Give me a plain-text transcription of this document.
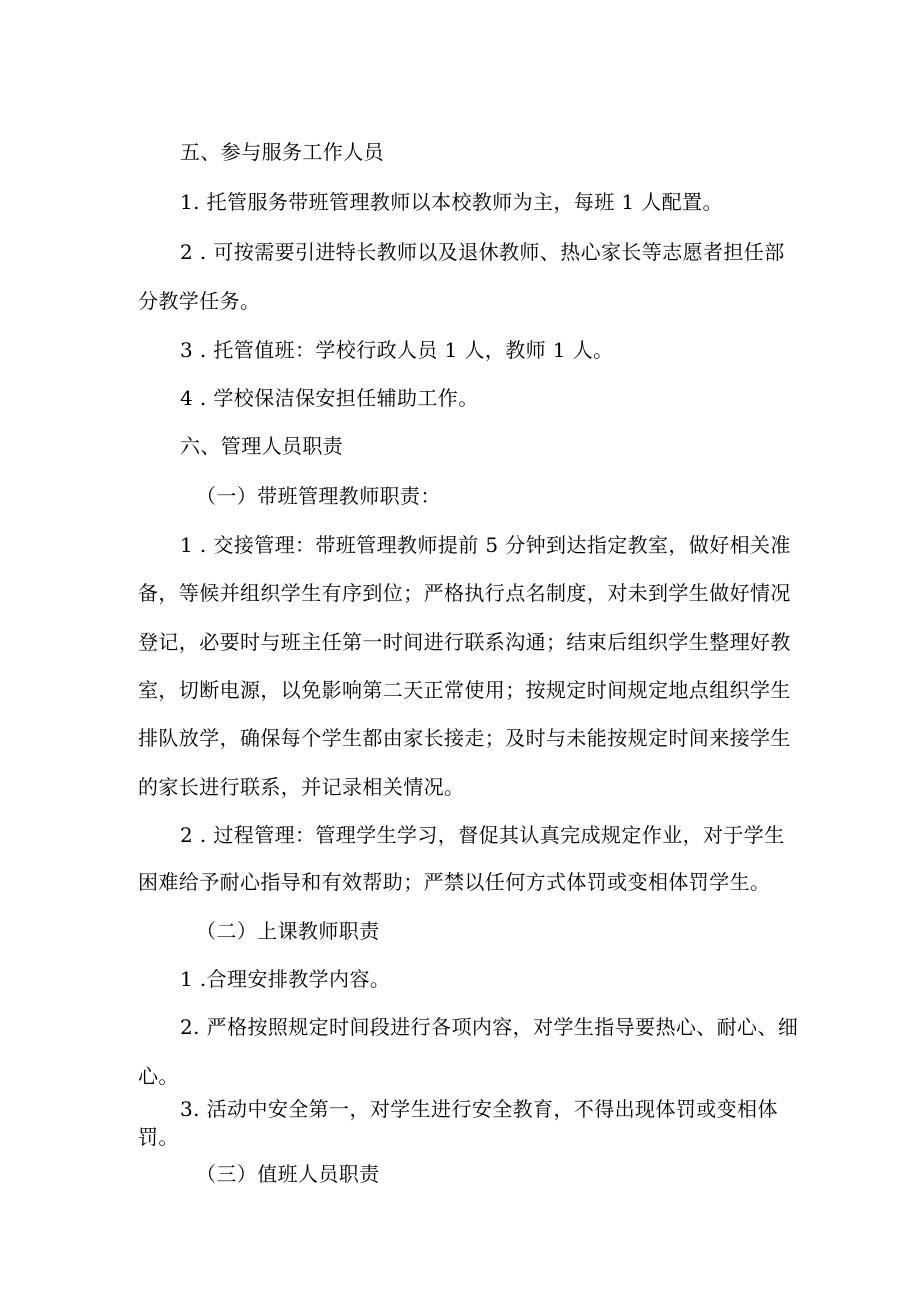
五、参与服务工作人员
1. 托管服务带班管理教师以本校教师为主，每班 1 人配置。
2 . 可按需要引进特长教师以及退休教师、热心家长等志愿者担任部
分教学任务。
3 . 托管值班：学校行政人员 1 人，教师 1 人。
4 . 学校保洁保安担任辅助工作。
六、管理人员职责
（一）带班管理教师职责：
1 . 交接管理：带班管理教师提前 5 分钟到达指定教室，做好相关准
备，等候并组织学生有序到位；严格执行点名制度，对未到学生做好情况
登记，必要时与班主任第一时间进行联系沟通；结束后组织学生整理好教
室，切断电源，以免影响第二天正常使用；按规定时间规定地点组织学生
排队放学，确保每个学生都由家长接走；及时与未能按规定时间来接学生
的家长进行联系，并记录相关情况。
2 . 过程管理：管理学生学习，督促其认真完成规定作业，对于学生
困难给予耐心指导和有效帮助；严禁以任何方式体罚或变相体罚学生。
（二）上课教师职责
1 .合理安排教学内容。
2. 严格按照规定时间段进行各项内容，对学生指导要热心、耐心、细
心。
3. 活动中安全第一，对学生进行安全教育，不得出现体罚或变相体
罚。
（三）值班人员职责
